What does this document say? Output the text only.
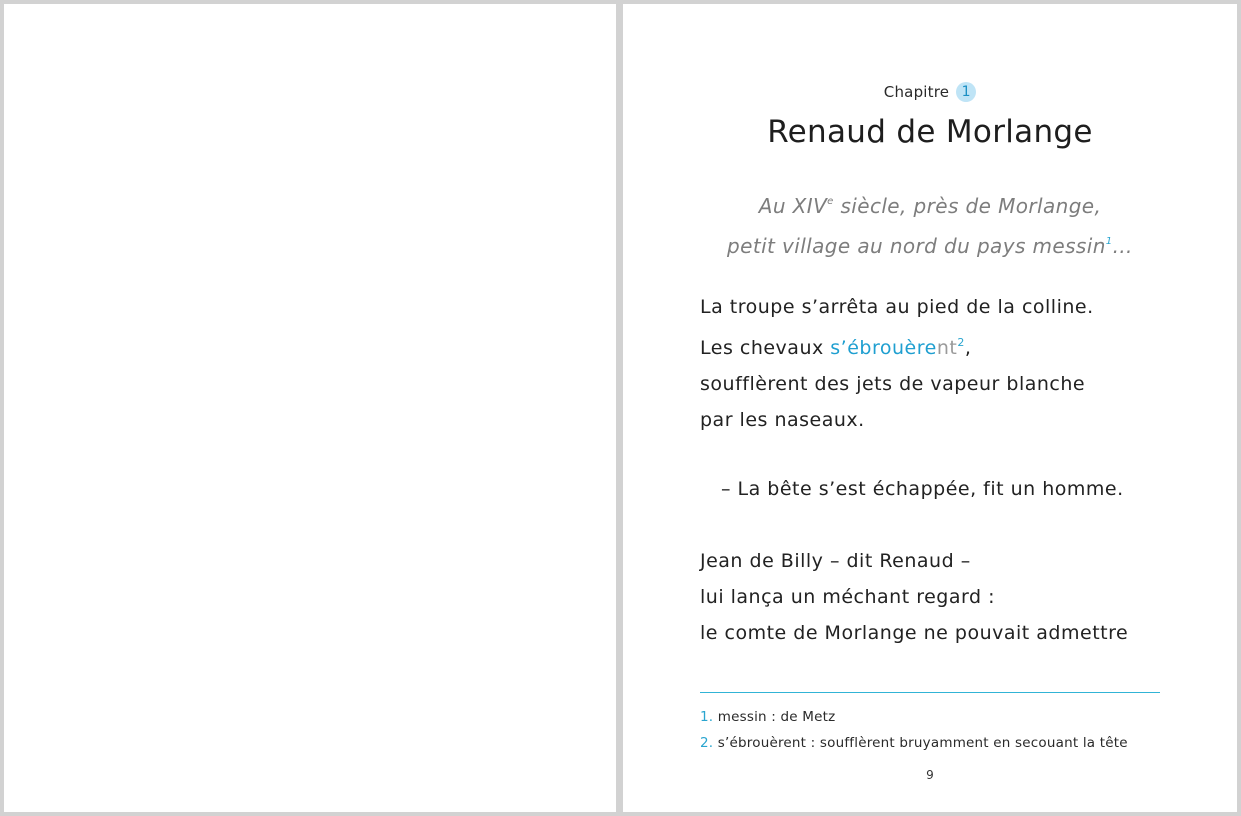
Chapitre 1
Renaud de Morlange
Au XIVe siècle, près de Morlange,
petit village au nord du pays messin$^1$…
La troupe s’arrêta au pied de la colline.
Les chevaux s’ébrouèrent$^2$,
soufflèrent des jets de vapeur blanche
par les naseaux.
– La bête s’est échappée, fit un homme.
Jean de Billy – dit Renaud –
lui lança un méchant regard :
le comte de Morlange ne pouvait admettre
1. messin : de Metz
2. s’ébrouèrent : soufflèrent bruyamment en secouant la tête
9
